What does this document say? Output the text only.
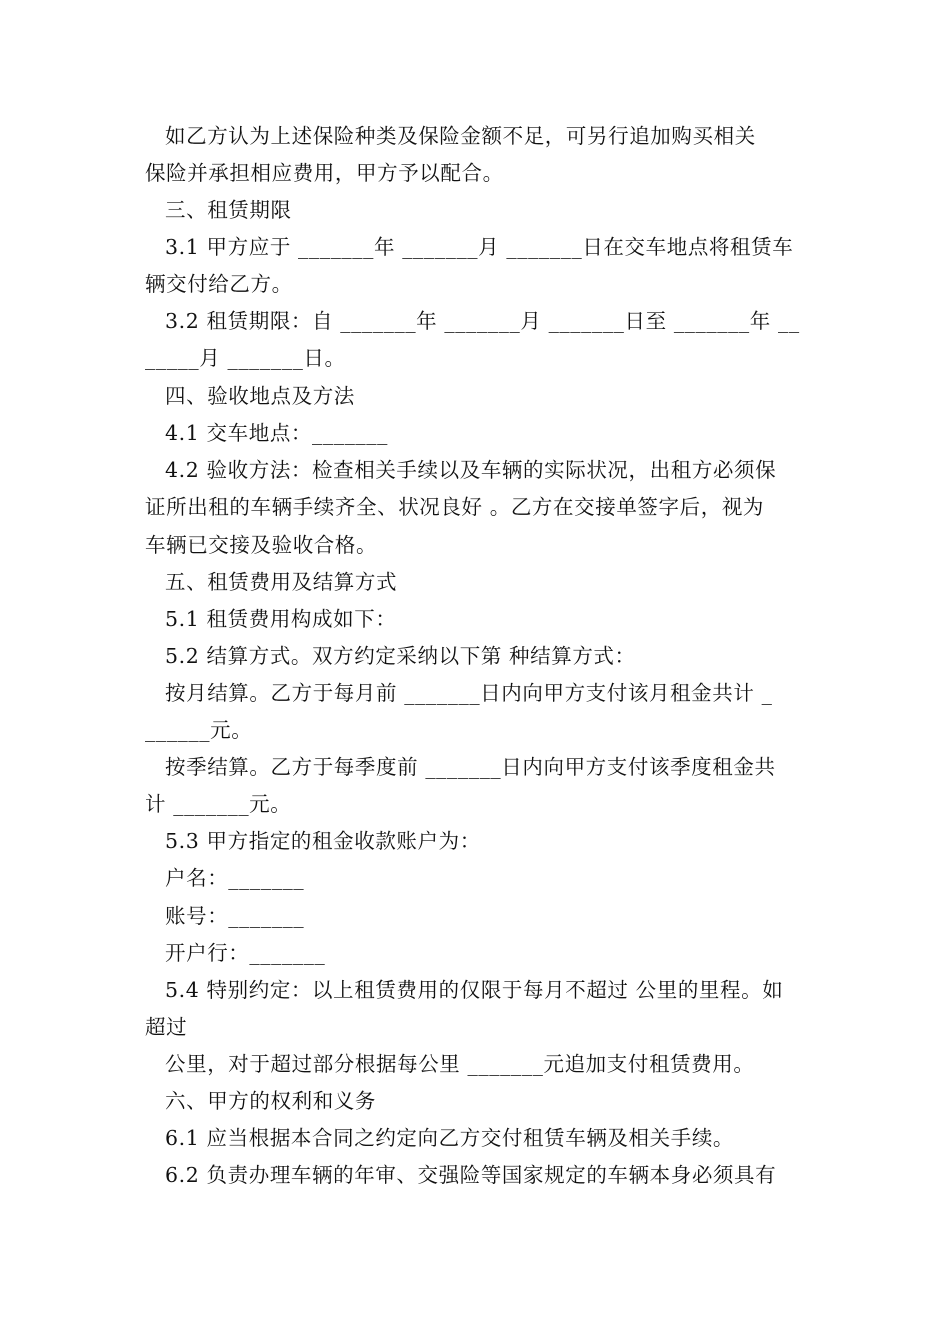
如乙方认为上述保险种类及保险金额不足，可另行追加购买相关
保险并承担相应费用，甲方予以配合。
三、租赁期限
3.1 甲方应于 _______年 _______月 _______日在交车地点将租赁车
辆交付给乙方。
3.2 租赁期限：自 _______年 _______月 _______日至 _______年 __
_____月 _______日。
四、验收地点及方法
4.1 交车地点：_______
4.2 验收方法：检查相关手续以及车辆的实际状况，出租方必须保
证所出租的车辆手续齐全、状况良好 。乙方在交接单签字后，视为
车辆已交接及验收合格。
五、租赁费用及结算方式
5.1 租赁费用构成如下：
5.2 结算方式。双方约定采纳以下第 种结算方式：
按月结算。乙方于每月前 _______日内向甲方支付该月租金共计 _
______元。
按季结算。乙方于每季度前 _______日内向甲方支付该季度租金共
计 _______元。
5.3 甲方指定的租金收款账户为：
户名：_______
账号：_______
开户行：_______
5.4 特别约定：以上租赁费用的仅限于每月不超过 公里的里程。如
超过
公里，对于超过部分根据每公里 _______元追加支付租赁费用。
六、甲方的权利和义务
6.1 应当根据本合同之约定向乙方交付租赁车辆及相关手续。
6.2 负责办理车辆的年审、交强险等国家规定的车辆本身必须具有
